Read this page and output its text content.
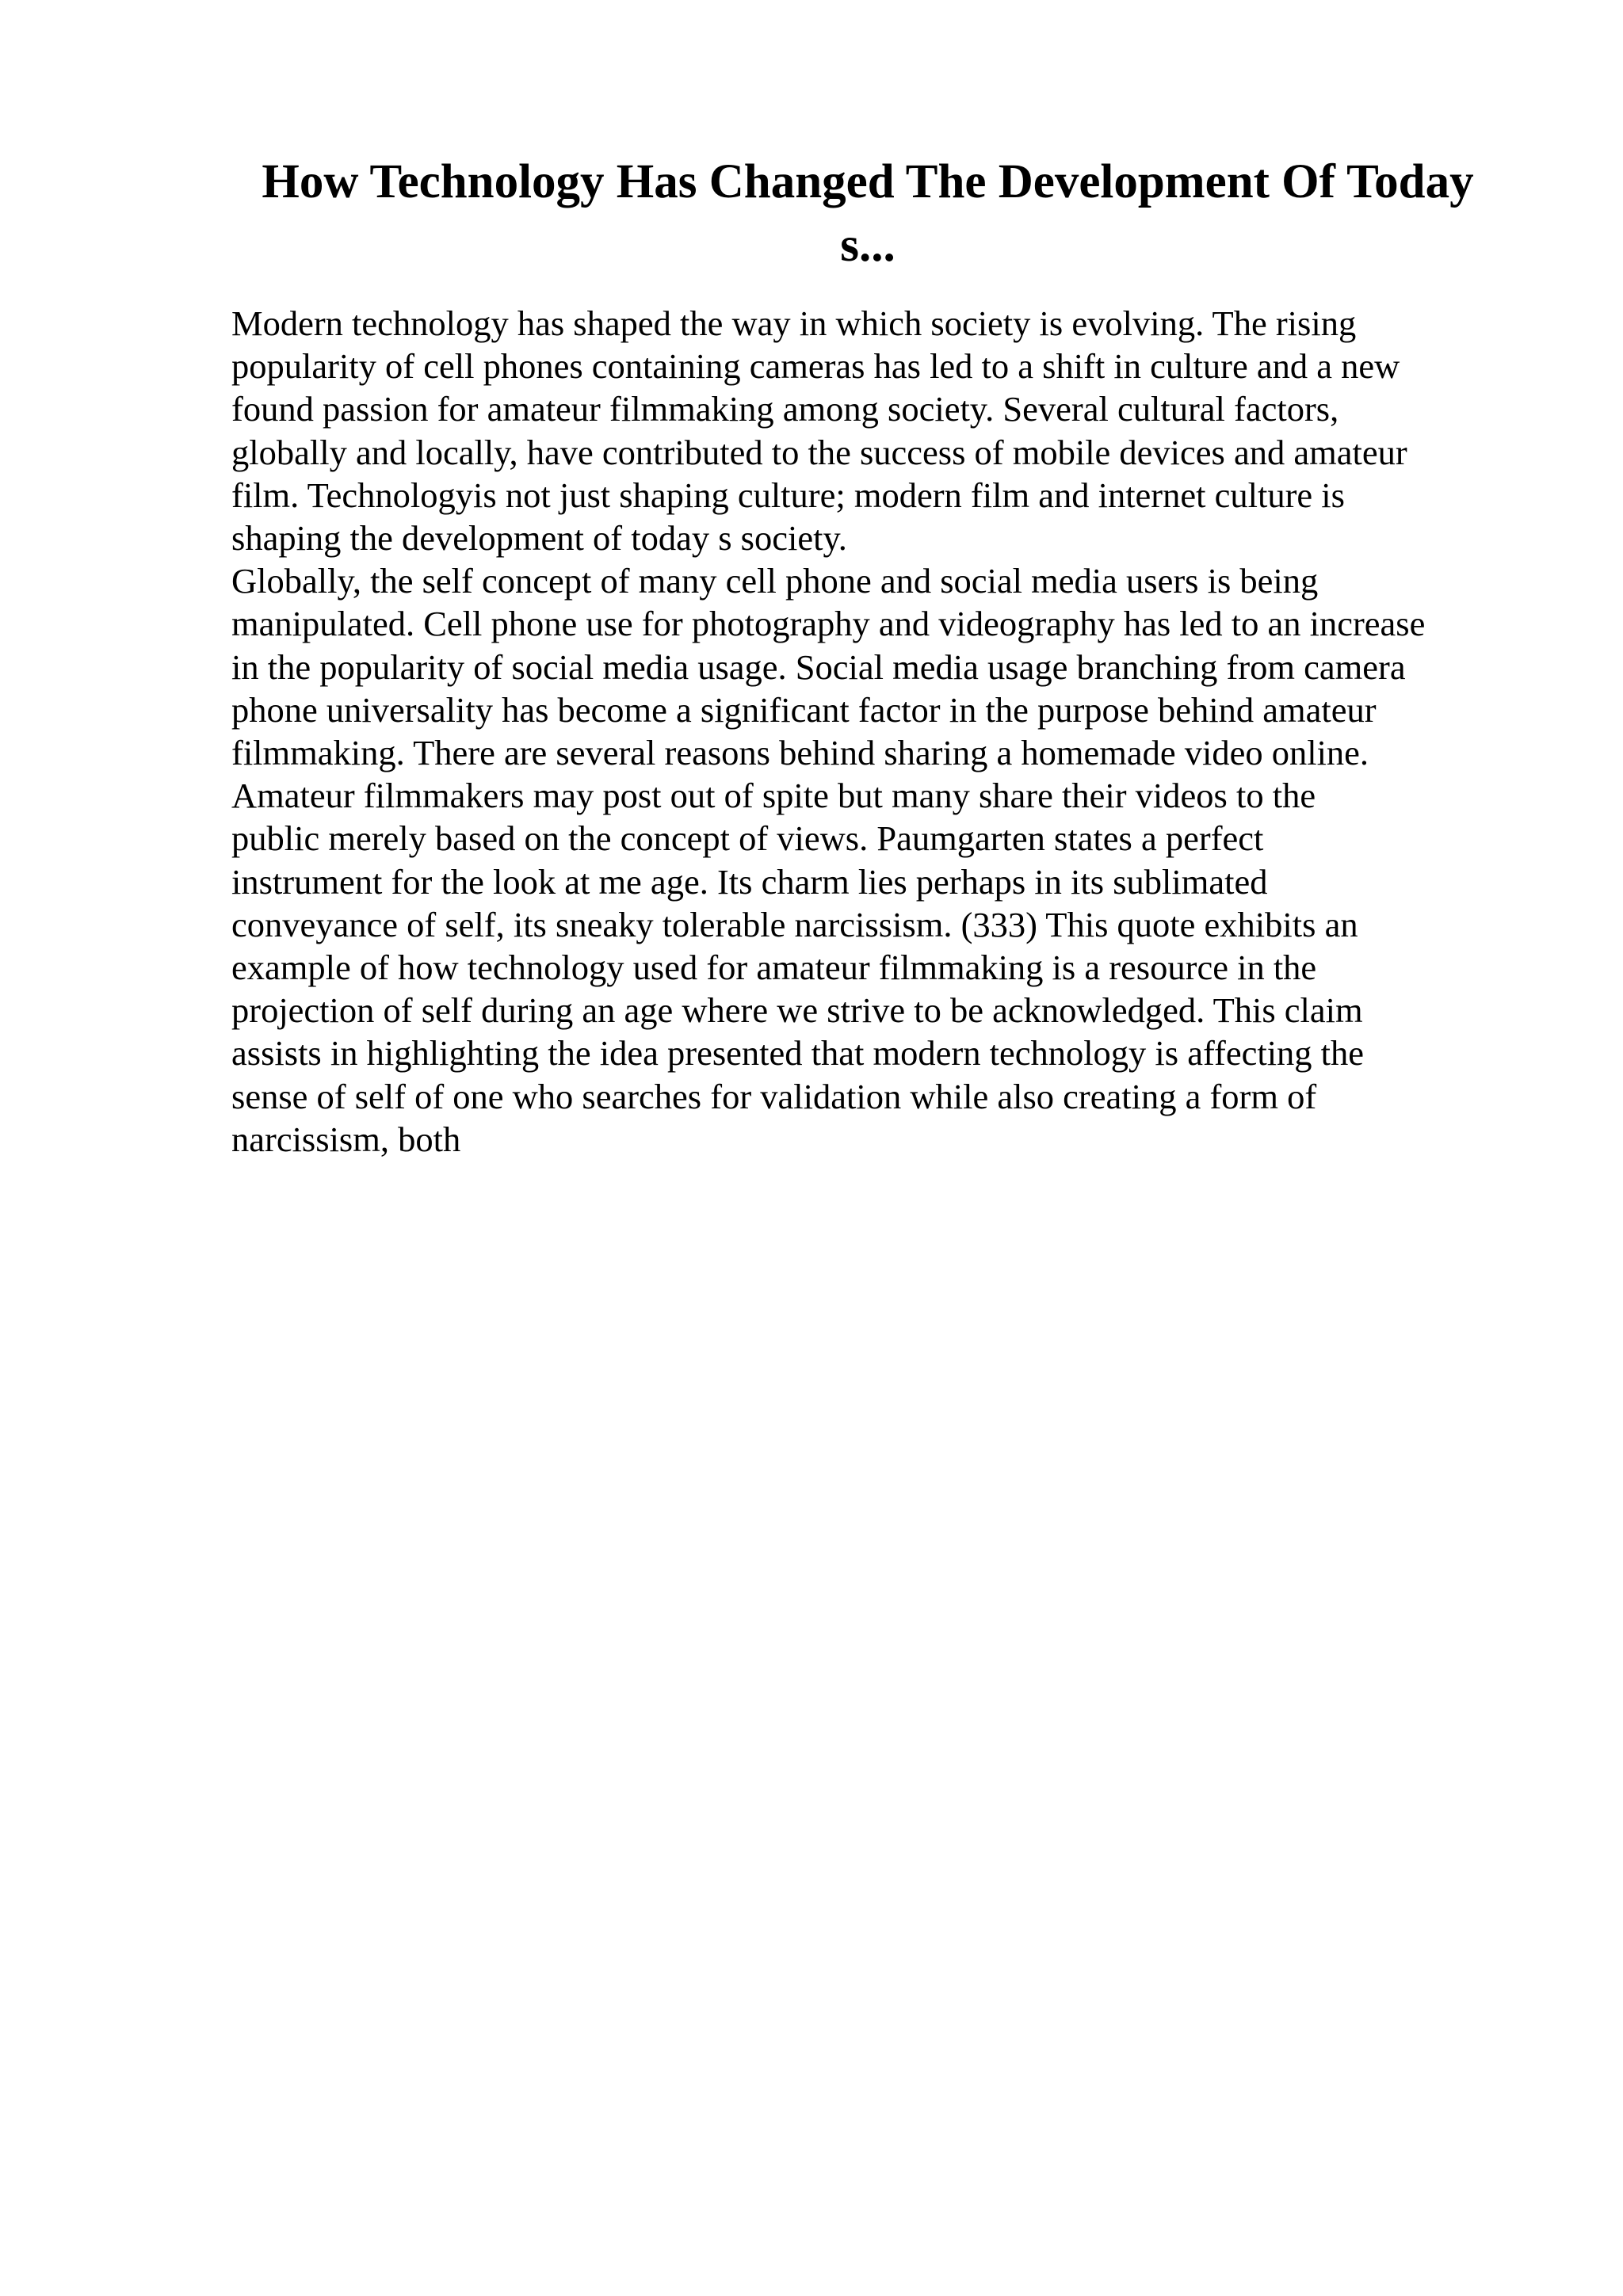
How Technology Has Changed The Development Of Today
s...
Modern technology has shaped the way in which society is evolving. The rising
popularity of cell phones containing cameras has led to a shift in culture and a new
found passion for amateur filmmaking among society. Several cultural factors,
globally and locally, have contributed to the success of mobile devices and amateur
film. Technologyis not just shaping culture; modern film and internet culture is
shaping the development of today s society.
Globally, the self concept of many cell phone and social media users is being
manipulated. Cell phone use for photography and videography has led to an increase
in the popularity of social media usage. Social media usage branching from camera
phone universality has become a significant factor in the purpose behind amateur
filmmaking. There are several reasons behind sharing a homemade video online.
Amateur filmmakers may post out of spite but many share their videos to the
public merely based on the concept of views. Paumgarten states a perfect
instrument for the look at me age. Its charm lies perhaps in its sublimated
conveyance of self, its sneaky tolerable narcissism. (333) This quote exhibits an
example of how technology used for amateur filmmaking is a resource in the
projection of self during an age where we strive to be acknowledged. This claim
assists in highlighting the idea presented that modern technology is affecting the
sense of self of one who searches for validation while also creating a form of
narcissism, both
